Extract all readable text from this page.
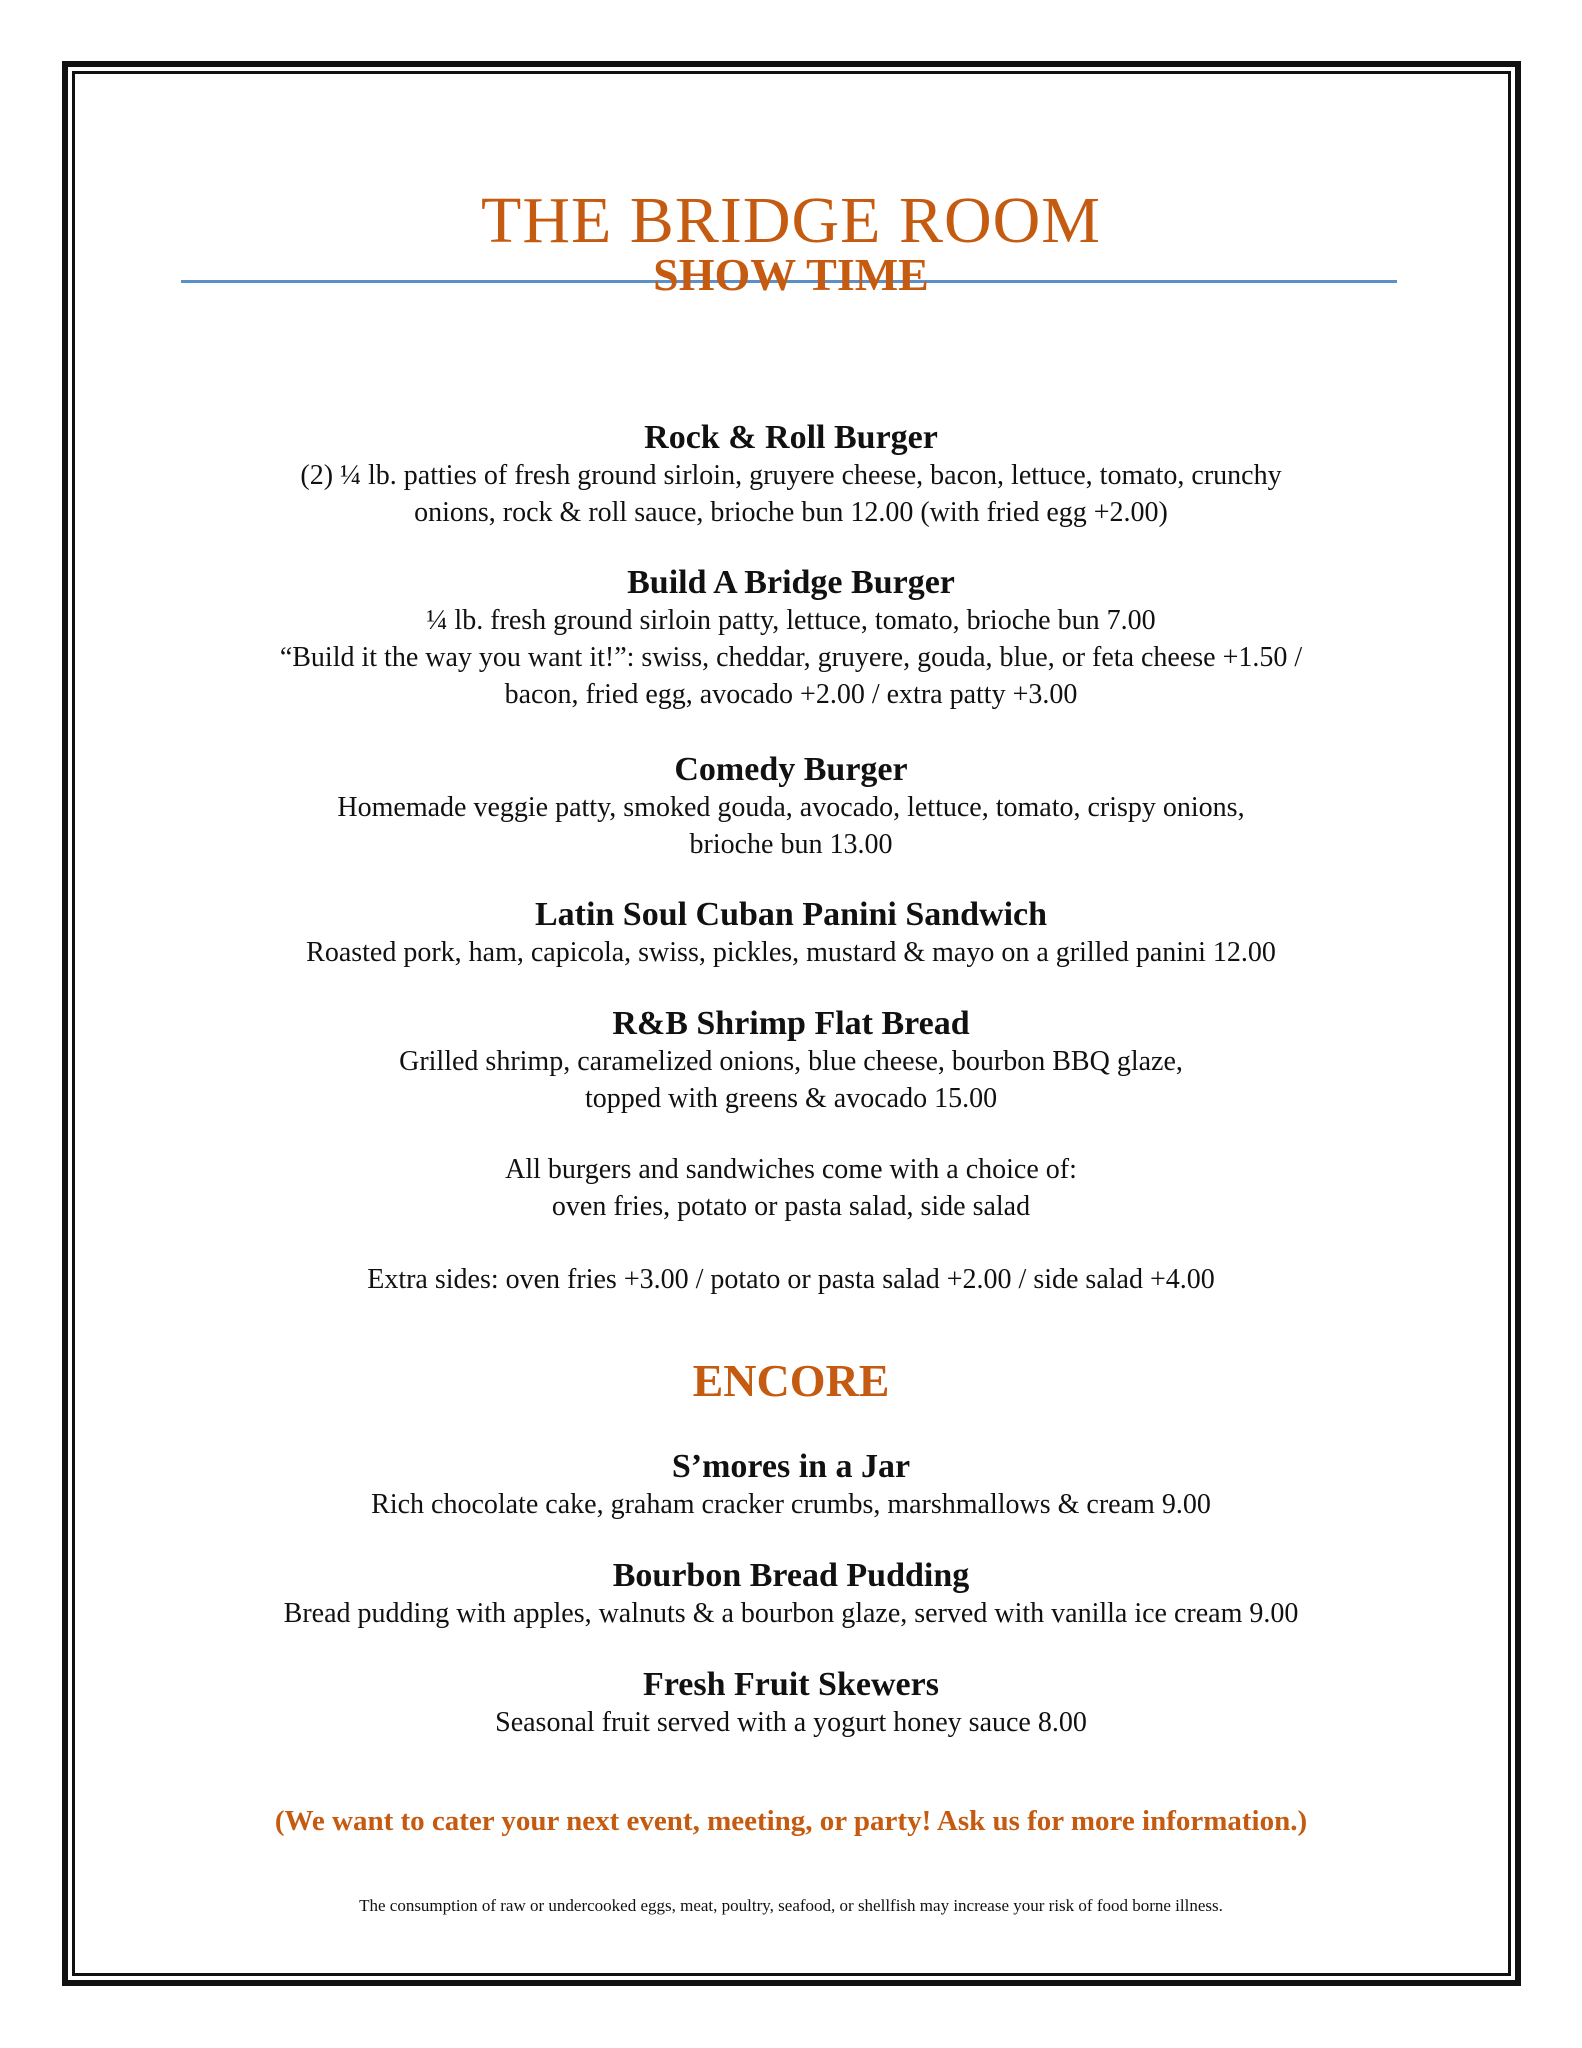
THE BRIDGE ROOM
SHOW TIME

Rock & Roll Burger

(2) ¼ lb. patties of fresh ground sirloin, gruyere cheese, bacon, lettuce, tomato, crunchy

onions, rock & roll sauce, brioche bun 12.00 (with fried egg +2.00)

Build A Bridge Burger

¼ lb. fresh ground sirloin patty, lettuce, tomato, brioche bun 7.00

“Build it the way you want it!”: swiss, cheddar, gruyere, gouda, blue, or feta cheese +1.50 /

bacon, fried egg, avocado +2.00 / extra patty +3.00

Comedy Burger

Homemade veggie patty, smoked gouda, avocado, lettuce, tomato, crispy onions,

brioche bun 13.00

Latin Soul Cuban Panini Sandwich

Roasted pork, ham, capicola, swiss, pickles, mustard & mayo on a grilled panini 12.00

R&B Shrimp Flat Bread

Grilled shrimp, caramelized onions, blue cheese, bourbon BBQ glaze,

topped with greens & avocado 15.00

All burgers and sandwiches come with a choice of:

oven fries, potato or pasta salad, side salad

Extra sides: oven fries +3.00 / potato or pasta salad +2.00 / side salad +4.00

ENCORE

S’mores in a Jar

Rich chocolate cake, graham cracker crumbs, marshmallows & cream 9.00

Bourbon Bread Pudding

Bread pudding with apples, walnuts & a bourbon glaze, served with vanilla ice cream 9.00

Fresh Fruit Skewers

Seasonal fruit served with a yogurt honey sauce 8.00

(We want to cater your next event, meeting, or party! Ask us for more information.)

The consumption of raw or undercooked eggs, meat, poultry, seafood, or shellfish may increase your risk of food borne illness.
